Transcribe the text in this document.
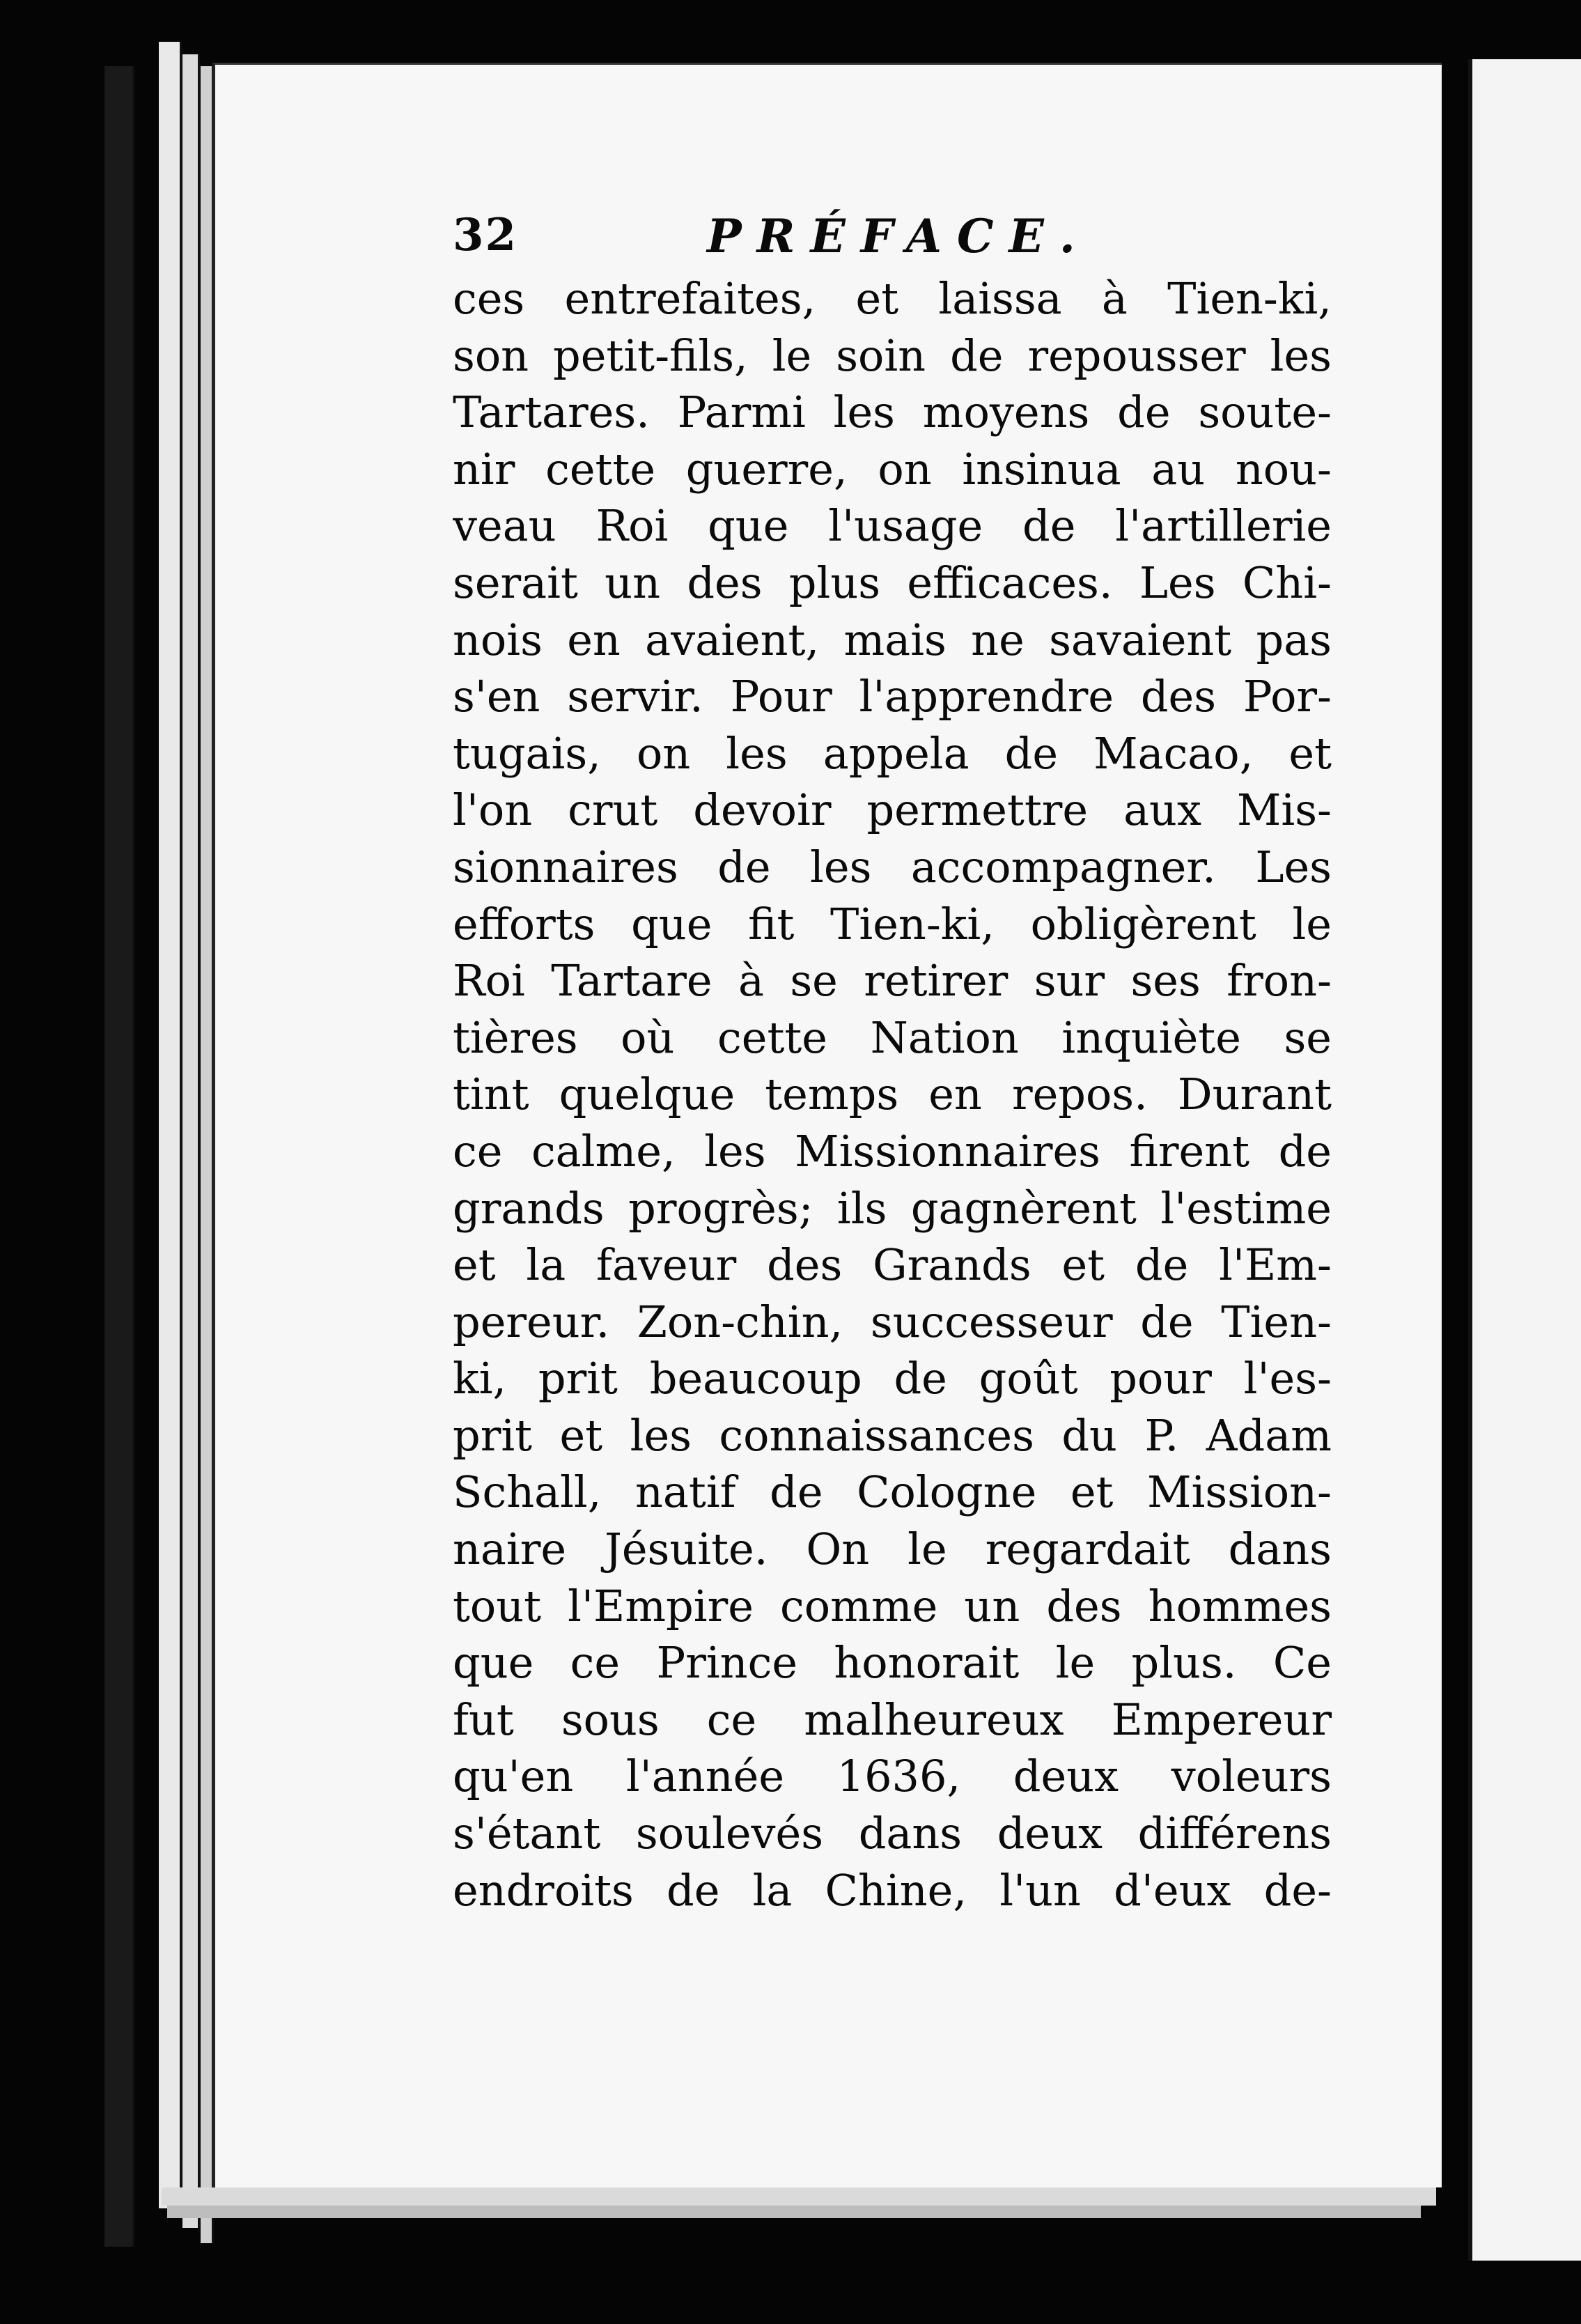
32	PRÉFACE.
ces entrefaites, et laissa à Tien-ki,
son petit-fils, le soin de repousser les
Tartares. Parmi les moyens de soute-
nir cette guerre, on insinua au nou-
veau Roi que l'usage de l'artillerie
serait un des plus efficaces. Les Chi-
nois en avaient, mais ne savaient pas
s'en servir. Pour l'apprendre des Por-
tugais, on les appela de Macao, et
l'on crut devoir permettre aux Mis-
sionnaires de les accompagner. Les
efforts que fit Tien-ki, obligèrent le
Roi Tartare à se retirer sur ses fron-
tières où cette Nation inquiète se
tint quelque temps en repos. Durant
ce calme, les Missionnaires firent de
grands progrès; ils gagnèrent l'estime
et la faveur des Grands et de l'Em-
pereur. Zon-chin, successeur de Tien-
ki, prit beaucoup de goût pour l'es-
prit et les connaissances du P. Adam
Schall, natif de Cologne et Mission-
naire Jésuite. On le regardait dans
tout l'Empire comme un des hommes
que ce Prince honorait le plus. Ce
fut sous ce malheureux Empereur
qu'en l'année 1636, deux voleurs
s'étant soulevés dans deux différens
endroits de la Chine, l'un d'eux de-
